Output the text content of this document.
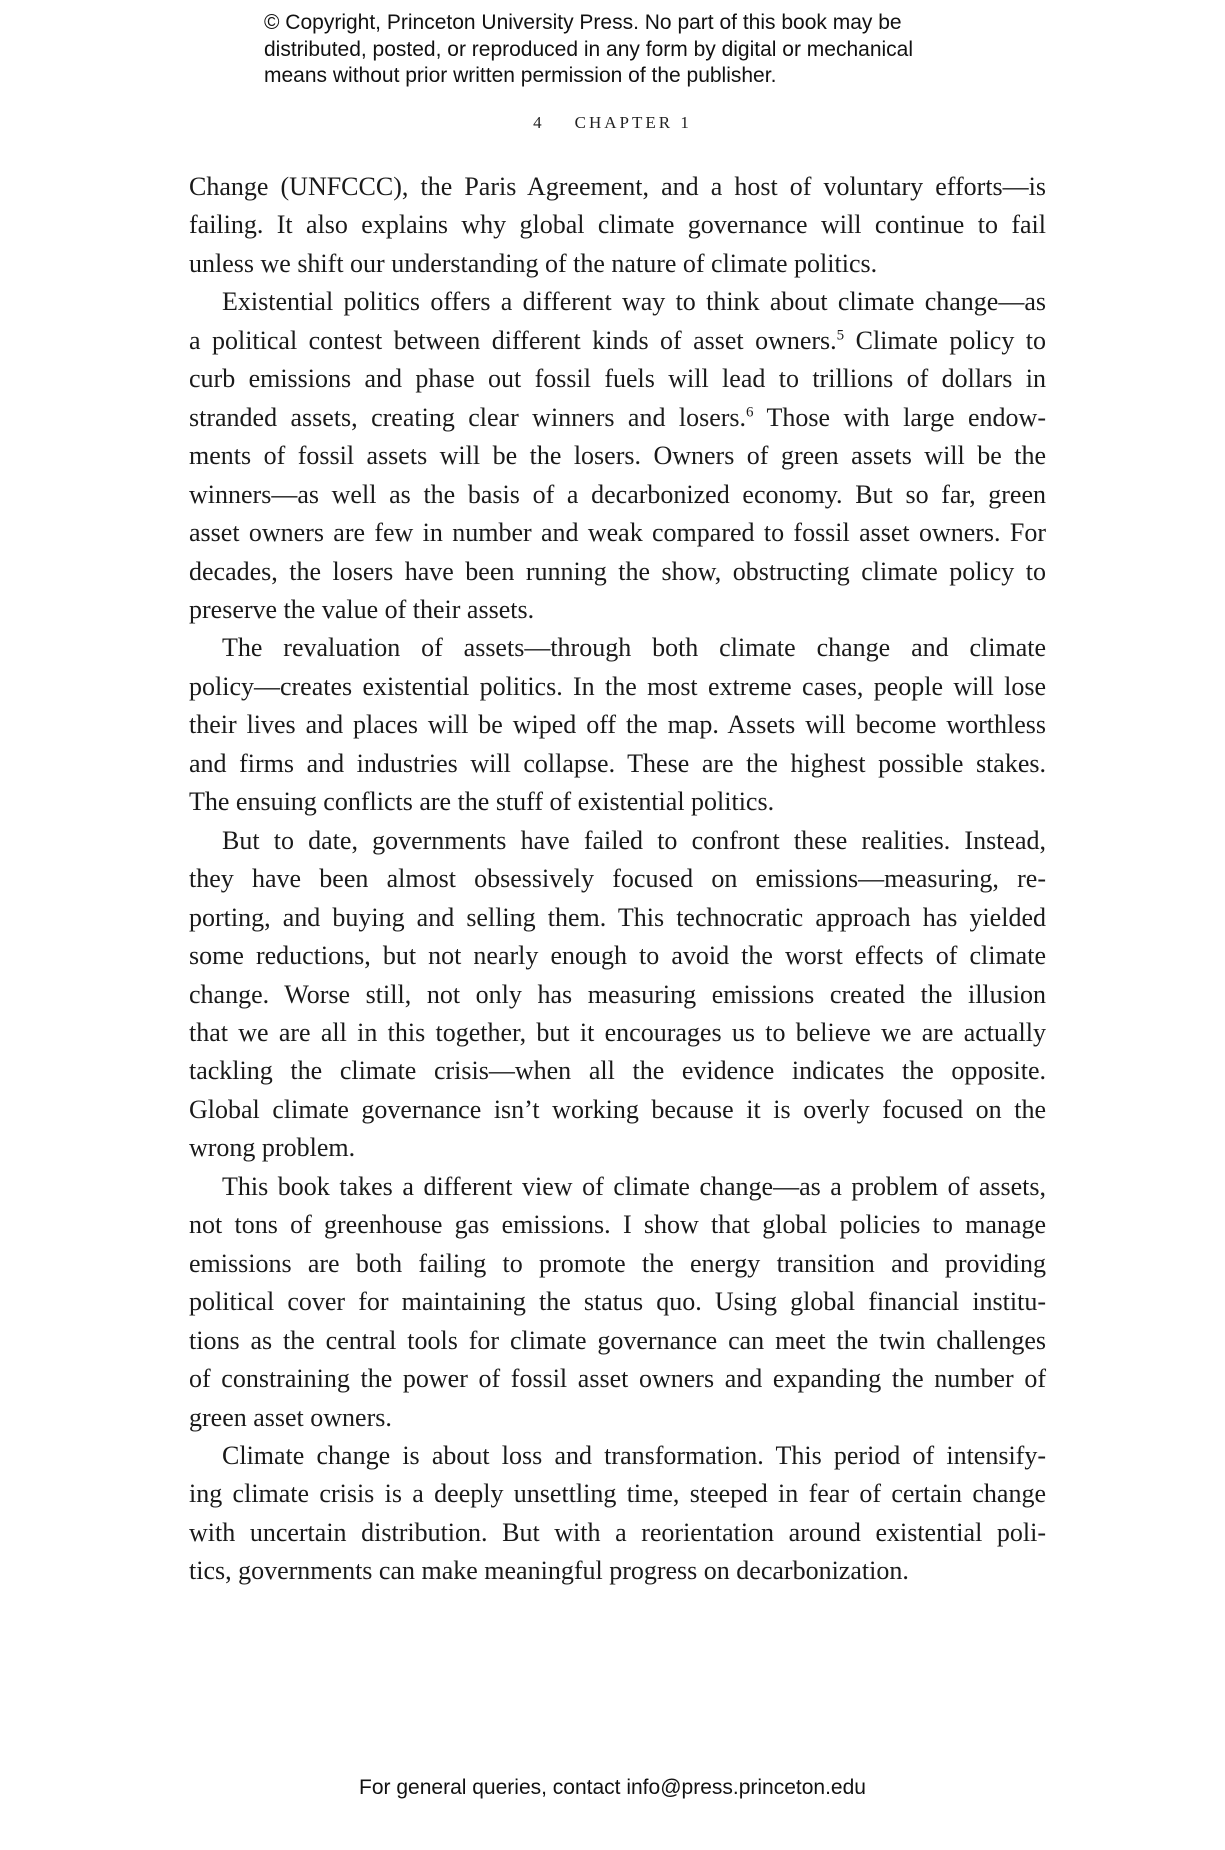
© Copyright, Princeton University Press. No part of this book may be
distributed, posted, or reproduced in any form by digital or mechanical
means without prior written permission of the publisher.
4 CHAPTER 1

Change (UNFCCC), the Paris Agreement, and a host of voluntary efforts—is
failing. It also explains why global climate governance will continue to fail
unless we shift our understanding of the nature of climate politics.

Existential politics offers a different way to think about climate change—as
a political contest between different kinds of asset owners.$^5$ Climate policy to
curb emissions and phase out fossil fuels will lead to trillions of dollars in
stranded assets, creating clear winners and losers.$^6$ Those with large endow-
ments of fossil assets will be the losers. Owners of green assets will be the
winners—as well as the basis of a decarbonized economy. But so far, green
asset owners are few in number and weak compared to fossil asset owners. For
decades, the losers have been running the show, obstructing climate policy to
preserve the value of their assets.

The revaluation of assets—through both climate change and climate
policy—creates existential politics. In the most extreme cases, people will lose
their lives and places will be wiped off the map. Assets will become worthless
and firms and industries will collapse. These are the highest possible stakes.
The ensuing conflicts are the stuff of existential politics.

But to date, governments have failed to confront these realities. Instead,
they have been almost obsessively focused on emissions—measuring, re-
porting, and buying and selling them. This technocratic approach has yielded
some reductions, but not nearly enough to avoid the worst effects of climate
change. Worse still, not only has measuring emissions created the illusion
that we are all in this together, but it encourages us to believe we are actually
tackling the climate crisis—when all the evidence indicates the opposite.
Global climate governance isn’t working because it is overly focused on the
wrong problem.

This book takes a different view of climate change—as a problem of assets,
not tons of greenhouse gas emissions. I show that global policies to manage
emissions are both failing to promote the energy transition and providing
political cover for maintaining the status quo. Using global financial institu-
tions as the central tools for climate governance can meet the twin challenges
of constraining the power of fossil asset owners and expanding the number of
green asset owners.

Climate change is about loss and transformation. This period of intensify-
ing climate crisis is a deeply unsettling time, steeped in fear of certain change
with uncertain distribution. But with a reorientation around existential poli-
tics, governments can make meaningful progress on decarbonization.

For general queries, contact info@press.princeton.edu
